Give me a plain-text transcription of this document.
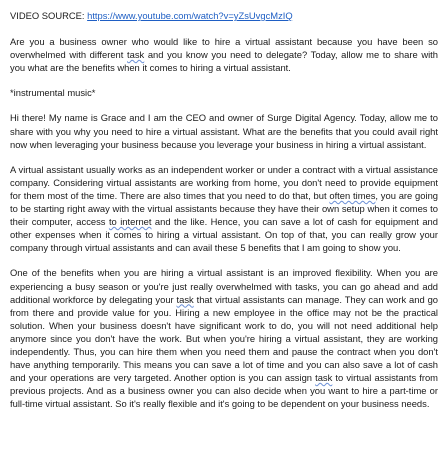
VIDEO SOURCE: https://www.youtube.com/watch?v=yZsUvgcMzIQ

Are you a business owner who would like to hire a virtual assistant because you have been so overwhelmed with different task and you know you need to delegate? Today, allow me to share with you what are the benefits when it comes to hiring a virtual assistant.

*instrumental music*

Hi there! My name is Grace and I am the CEO and owner of Surge Digital Agency. Today, allow me to share with you why you need to hire a virtual assistant. What are the benefits that you could avail right now when leveraging your business because you leverage your business in hiring a virtual assistant.

A virtual assistant usually works as an independent worker or under a contract with a virtual assistance company. Considering virtual assistants are working from home, you don't need to provide equipment for them most of the time. There are also times that you need to do that, but often times, you are going to be starting right away with the virtual assistants because they have their own setup when it comes to their computer, access to internet and the like. Hence, you can save a lot of cash for equipment and other expenses when it comes to hiring a virtual assistant. On top of that, you can really grow your company through virtual assistants and can avail these 5 benefits that I am going to show you.

One of the benefits when you are hiring a virtual assistant is an improved flexibility. When you are experiencing a busy season or you're just really overwhelmed with tasks, you can go ahead and add additional workforce by delegating your task that virtual assistants can manage. They can work and go from there and provide value for you. Hiring a new employee in the office may not be the practical solution. When your business doesn't have significant work to do, you will not need additional help anymore since you don't have the work. But when you're hiring a virtual assistant, they are working independently. Thus, you can hire them when you need them and pause the contract when you don't have anything temporarily. This means you can save a lot of time and you can also save a lot of cash and your operations are very targeted. Another option is you can assign task to virtual assistants from previous projects. And as a business owner you can also decide when you want to hire a part-time or full-time virtual assistant. So it's really flexible and it's going to be dependent on your business needs.
